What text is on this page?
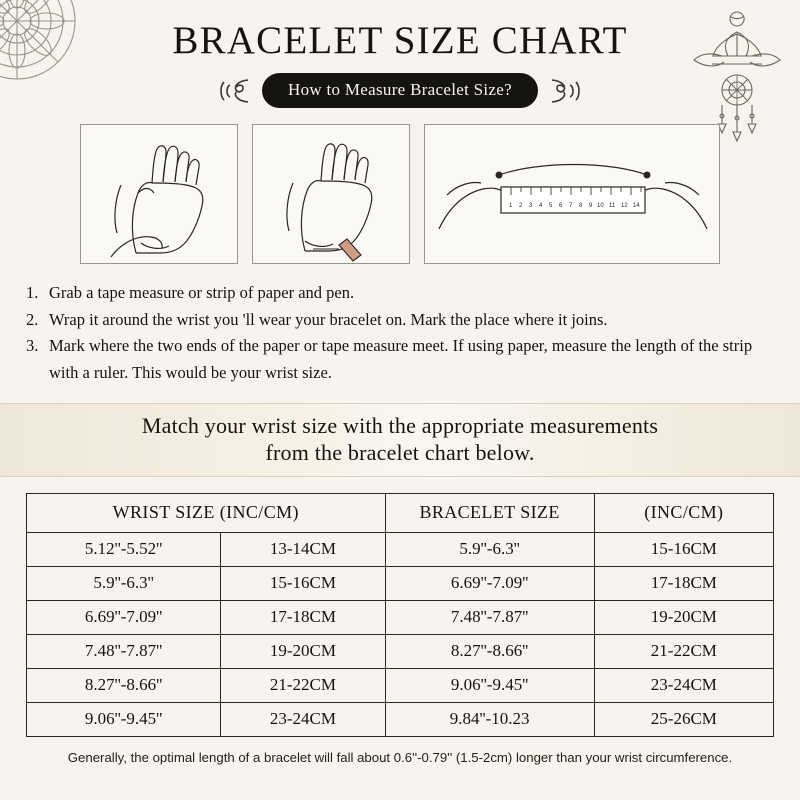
BRACELET SIZE CHART
How to Measure Bracelet Size?
1 2 3 4 5 6 7 8 9 10 11 12 14
1. Grab a tape measure or strip of paper and pen.
2. Wrap it around the wrist you 'll wear your bracelet on. Mark the place where it joins.
3. Mark where the two ends of the paper or tape measure meet. If using paper, measure the length of the strip with a ruler. This would be your wrist size.
Match your wrist size with the appropriate measurements
from the bracelet chart below.
WRIST SIZE (INC/CM)		BRACELET SIZE	(INC/CM)
5.12''-5.52''	13-14CM	5.9''-6.3''	15-16CM
5.9''-6.3''	15-16CM	6.69''-7.09''	17-18CM
6.69''-7.09''	17-18CM	7.48''-7.87''	19-20CM
7.48''-7.87''	19-20CM	8.27''-8.66''	21-22CM
8.27''-8.66''	21-22CM	9.06''-9.45''	23-24CM
9.06''-9.45''	23-24CM	9.84''-10.23	25-26CM
Generally, the optimal length of a bracelet will fall about 0.6''-0.79'' (1.5-2cm) longer than your wrist circumference.
